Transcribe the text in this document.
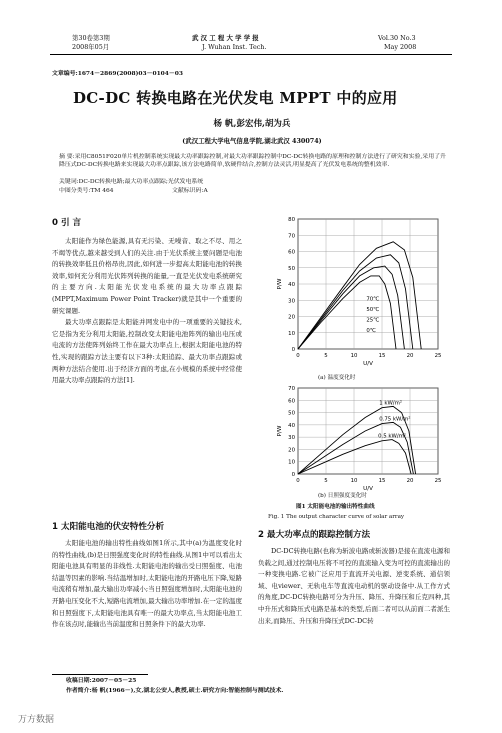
第30卷第3期
2008年05月
武 汉 工 程 大 学 学 报
J. Wuhan Inst. Tech.
Vol.30 No.3
May 2008
文章编号:1674－2869(2008)03－0104－03
DC-DC 转换电路在光伏发电 MPPT 中的应用
杨 帆,彭宏伟,胡为兵
(武汉工程大学电气信息学院,湖北武汉 430074)
摘 要:采用C8051F020单片机控制系统实现最大功率跟踪控制,对最大功率跟踪控制中DC-DC转换电路的原理和控制方法进行了研究和实验,采用了升降压式DC-DC转换电路来实现最大功率点跟踪,该方法电路简单,软硬件结合,控制方法灵活,明显提高了光伏发电系统的整机效率.
关键词:DC-DC转换电路;最大功率点跟踪;光伏发电系统
中图分类号:TM 464	文献标识码:A
0 引 言

太阳能作为绿色能源,具有无污染、无噪音、取之不尽、用之不竭等优点,越来越受到人们的关注.由于光伏系统主要问题是电池的转换效率低且价格昂贵,因此,如何进一步提高太阳能电池的转换效率,如何充分利用光伏阵列转换的能量,一直是光伏发电系统研究的主要方向.太阳能光伏发电系统的最大功率点跟踪(MPPT,Maximum Power Point Tracker)就是其中一个重要的研究课题.

最大功率点跟踪是太阳能并网发电中的一项重要的关键技术,它是指为充分利用太阳能,控制改变太阳能电池阵列的输出电压或电流的方法使阵列始终工作在最大功率点上,根据太阳能电池的特性,实现的跟踪方法主要有以下3种:太阳追踪、最大功率点跟踪或两种方法结合使用.出于经济方面的考虑,在小规模的系统中经常使用最大功率点跟踪的方法[1].

1 太阳能电池的伏安特性分析

太阳能电池的输出特性曲线如图1所示,其中(a)为温度变化时的特性曲线,(b)是日照强度变化时的特性曲线.从图1中可以看出太阳能电池具有明显的非线性.太阳能电池的输出受日照强度、电池结温等因素的影响.当结温增加时,太阳能电池的开路电压下降,短路电流稍有增加,最大输出功率减小;当日照强度增加时,太阳能电池的开路电压变化不大,短路电流增加,最大输出功率增加.在一定的温度和日照强度下,太阳能电池具有唯一的最大功率点,当太阳能电池工作在该点时,能输出当前温度和日照条件下的最大功率.

0
10
20
30
40
50
60
70
80
0	5	10	15	20	25
U/V
P/W
70℃
50℃
25℃
0℃
(a) 温度变化时
0
10
20
30
40
50
60
70
0	5	10	15	20	25
U/V
P/W
1 kW/m²
0.75 kW/m²
0.5 kW/m²
(b) 日照强度变化时
图1 太阳能电池的输出特性曲线
Fig. 1 The output character curve of solar array
2 最大功率点的跟踪控制方法

DC-DC转换电路(也称为斩波电路或斩波器)是接在直流电源和负载之间,通过控制电压将不可控的直流输入变为可控的直流输出的一种变换电路.它被广泛应用于直流开关电源、逆变系统、通信领域、电viewer、无轨电车等直流电动机的驱动设备中.从工作方式的角度,DC-DC转换电路可分为升压、降压、升降压和丘克四种,其中升压式和降压式电路是基本的类型,后面二者可以从前面二者派生出来,而降压、升压和升降压式DC-DC转

收稿日期:2007－05－25
作者简介:杨 帆(1966－),女,湖北公安人,教授,硕士.研究方向:智能控制与测试技术.
万方数据
